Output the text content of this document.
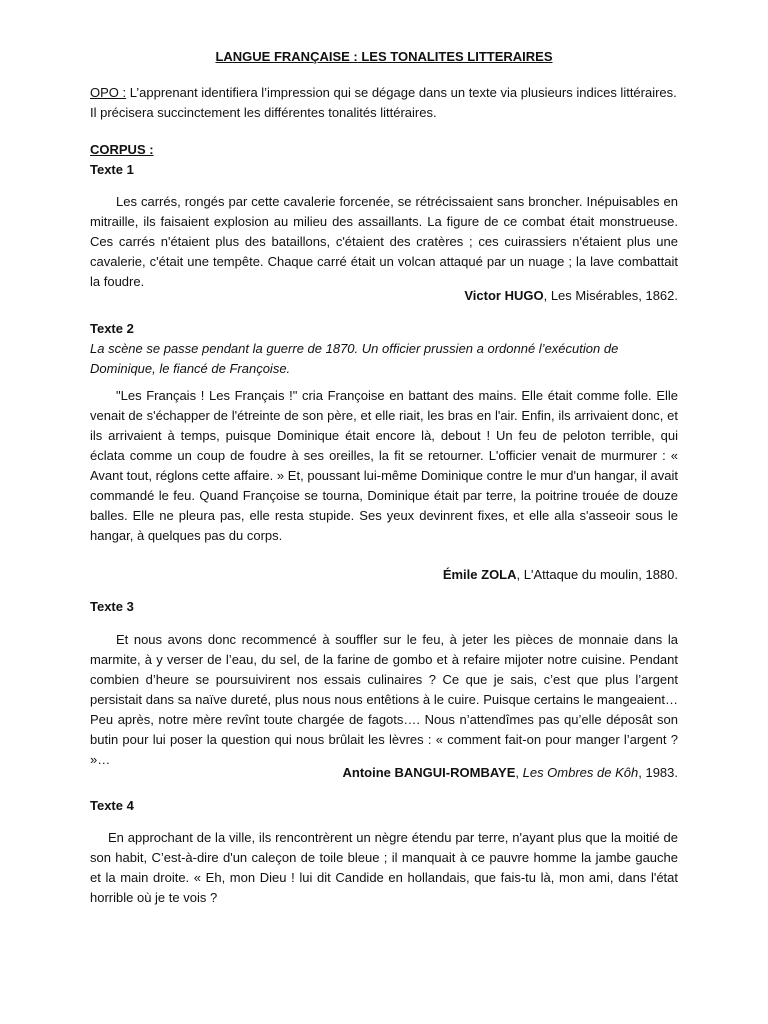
LANGUE FRANÇAISE : LES TONALITES LITTERAIRES

OPO : L’apprenant identifiera l’impression qui se dégage dans un texte via plusieurs indices littéraires. Il précisera succinctement les différentes tonalités littéraires.

CORPUS :
Texte 1

Les carrés, rongés par cette cavalerie forcenée, se rétrécissaient sans broncher. Inépuisables en mitraille, ils faisaient explosion au milieu des assaillants. La figure de ce combat était monstrueuse. Ces carrés n'étaient plus des bataillons, c'étaient des cratères ; ces cuirassiers n'étaient plus une cavalerie, c'était une tempête. Chaque carré était un volcan attaqué par un nuage ; la lave combattait la foudre.

Victor HUGO, Les Misérables, 1862.

Texte 2

La scène se passe pendant la guerre de 1870. Un officier prussien a ordonné l’exécution de Dominique, le fiancé de Françoise.

"Les Français ! Les Français !" cria Françoise en battant des mains. Elle était comme folle. Elle venait de s'échapper de l'étreinte de son père, et elle riait, les bras en l'air. Enfin, ils arrivaient donc, et ils arrivaient à temps, puisque Dominique était encore là, debout ! Un feu de peloton terrible, qui éclata comme un coup de foudre à ses oreilles, la fit se retourner. L'officier venait de murmurer : « Avant tout, réglons cette affaire. » Et, poussant lui-même Dominique contre le mur d'un hangar, il avait commandé le feu. Quand Françoise se tourna, Dominique était par terre, la poitrine trouée de douze balles. Elle ne pleura pas, elle resta stupide. Ses yeux devinrent fixes, et elle alla s'asseoir sous le hangar, à quelques pas du corps.

Émile ZOLA, L'Attaque du moulin, 1880.

Texte 3

Et nous avons donc recommencé à souffler sur le feu, à jeter les pièces de monnaie dans la marmite, à y verser de l’eau, du sel, de la farine de gombo et à refaire mijoter notre cuisine. Pendant combien d’heure se poursuivirent nos essais culinaires ? Ce que je sais, c’est que plus l’argent persistait dans sa naïve dureté, plus nous nous entêtions à le cuire. Puisque certains le mangeaient… Peu après, notre mère revînt toute chargée de fagots…. Nous n’attendîmes pas qu’elle déposât son butin pour lui poser la question qui nous brûlait les lèvres : « comment fait-on pour manger l’argent ? »…

Antoine BANGUI-ROMBAYE, Les Ombres de Kôh, 1983.

Texte 4

En approchant de la ville, ils rencontrèrent un nègre étendu par terre, n'ayant plus que la moitié de son habit, C’est-à-dire d'un caleçon de toile bleue ; il manquait à ce pauvre homme la jambe gauche et la main droite. « Eh, mon Dieu ! lui dit Candide en hollandais, que fais-tu là, mon ami, dans l'état horrible où je te vois ?
